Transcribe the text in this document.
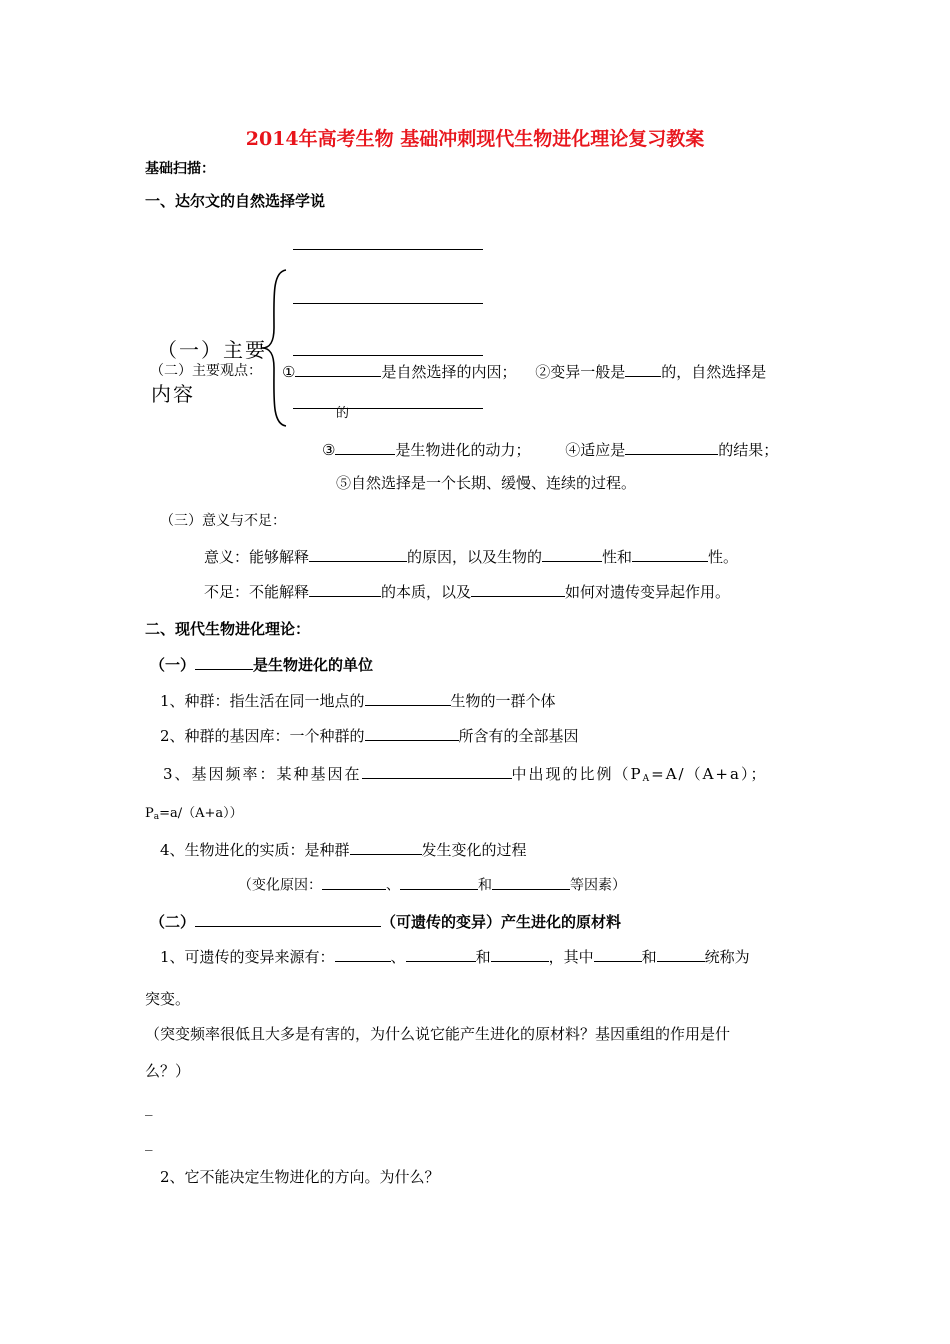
2014年高考生物 基础冲刺现代生物进化理论复习教案
基础扫描：
一、达尔文的自然选择学说
（一）主要
内容
（二）主要观点： ①	是自然选择的内因； ②变异一般是 的，自然选择是
的
③	是生物进化的动力； ④适应是	的结果；
⑤自然选择是一个长期、缓慢、连续的过程。
（三）意义与不足：
意义：能够解释	的原因，以及生物的	性和	性。
不足：不能解释	的本质，以及	如何对遗传变异起作用。
二、现代生物进化理论：
（一）	是生物进化的单位
1、种群：指生活在同一地点的	生物的一群个体
2、种群的基因库：一个种群的	所含有的全部基因
3、基因频率：某种基因在	中出现的比例（$P_A=A/(A+a)$；
$P_a=a/(A+a)$）
4、生物进化的实质：是种群	发生变化的过程
（变化原因：	、	和	等因素）
（二）	（可遗传的变异）产生进化的原材料
1、可遗传的变异来源有：	、	和	，其中	和	统称为
突变。
（突变频率很低且大多是有害的，为什么说它能产生进化的原材料？基因重组的作用是什
么？）
_
_
2、它不能决定生物进化的方向。为什么？
